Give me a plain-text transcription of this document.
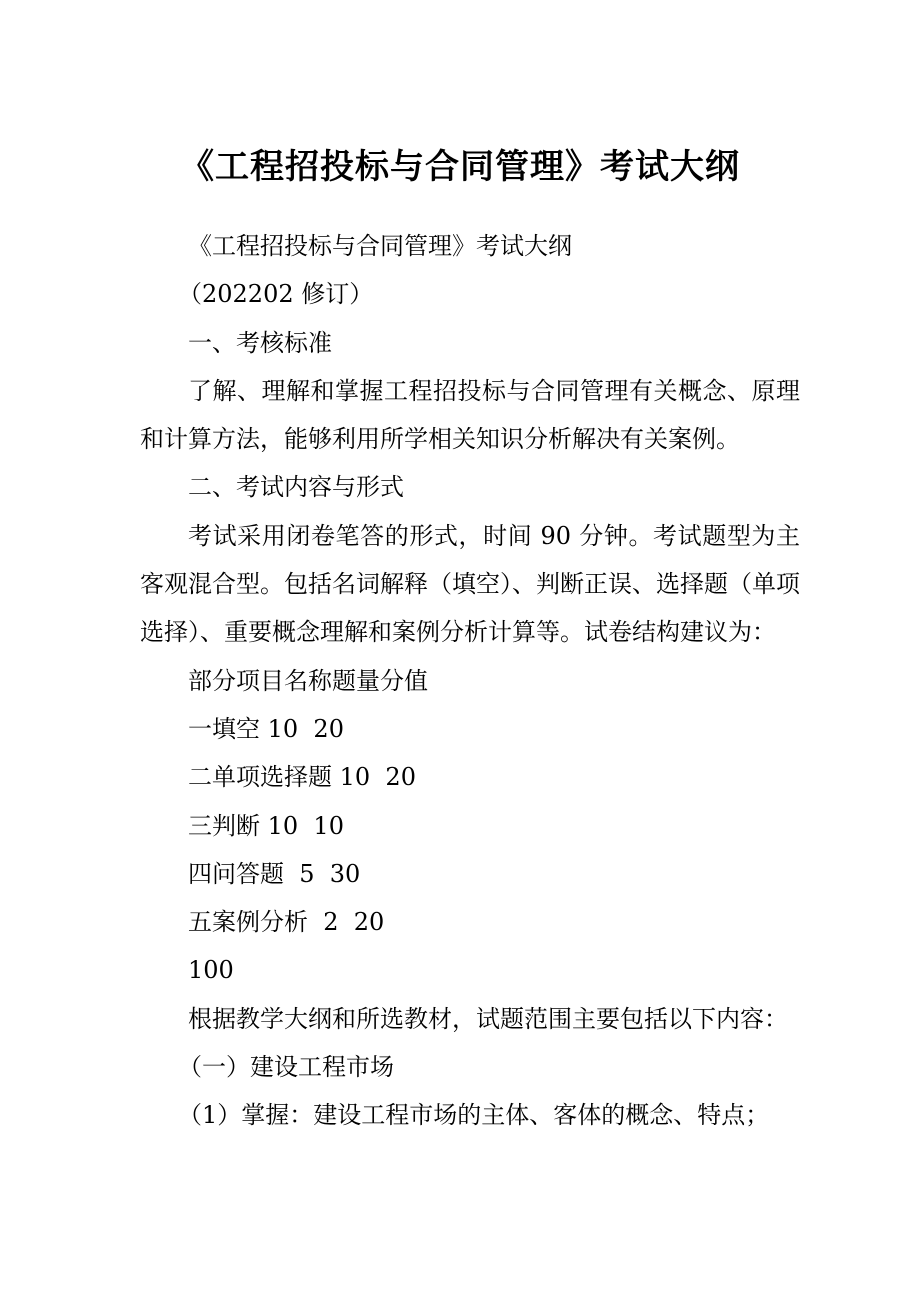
《工程招投标与合同管理》考试大纲

《工程招投标与合同管理》考试大纲

（202202 修订）

一、考核标准

了解、理解和掌握工程招投标与合同管理有关概念、原理和计算方法，能够利用所学相关知识分析解决有关案例。

二、考试内容与形式

考试采用闭卷笔答的形式，时间 90 分钟。考试题型为主客观混合型。包括名词解释（填空）、判断正误、选择题（单项选择）、重要概念理解和案例分析计算等。试卷结构建议为：

部分项目名称题量分值

一填空 10  20

二单项选择题 10  20

三判断 10  10

四问答题  5  30

五案例分析  2  20

100

根据教学大纲和所选教材，试题范围主要包括以下内容：

（一）建设工程市场

（1）掌握：建设工程市场的主体、客体的概念、特点；
